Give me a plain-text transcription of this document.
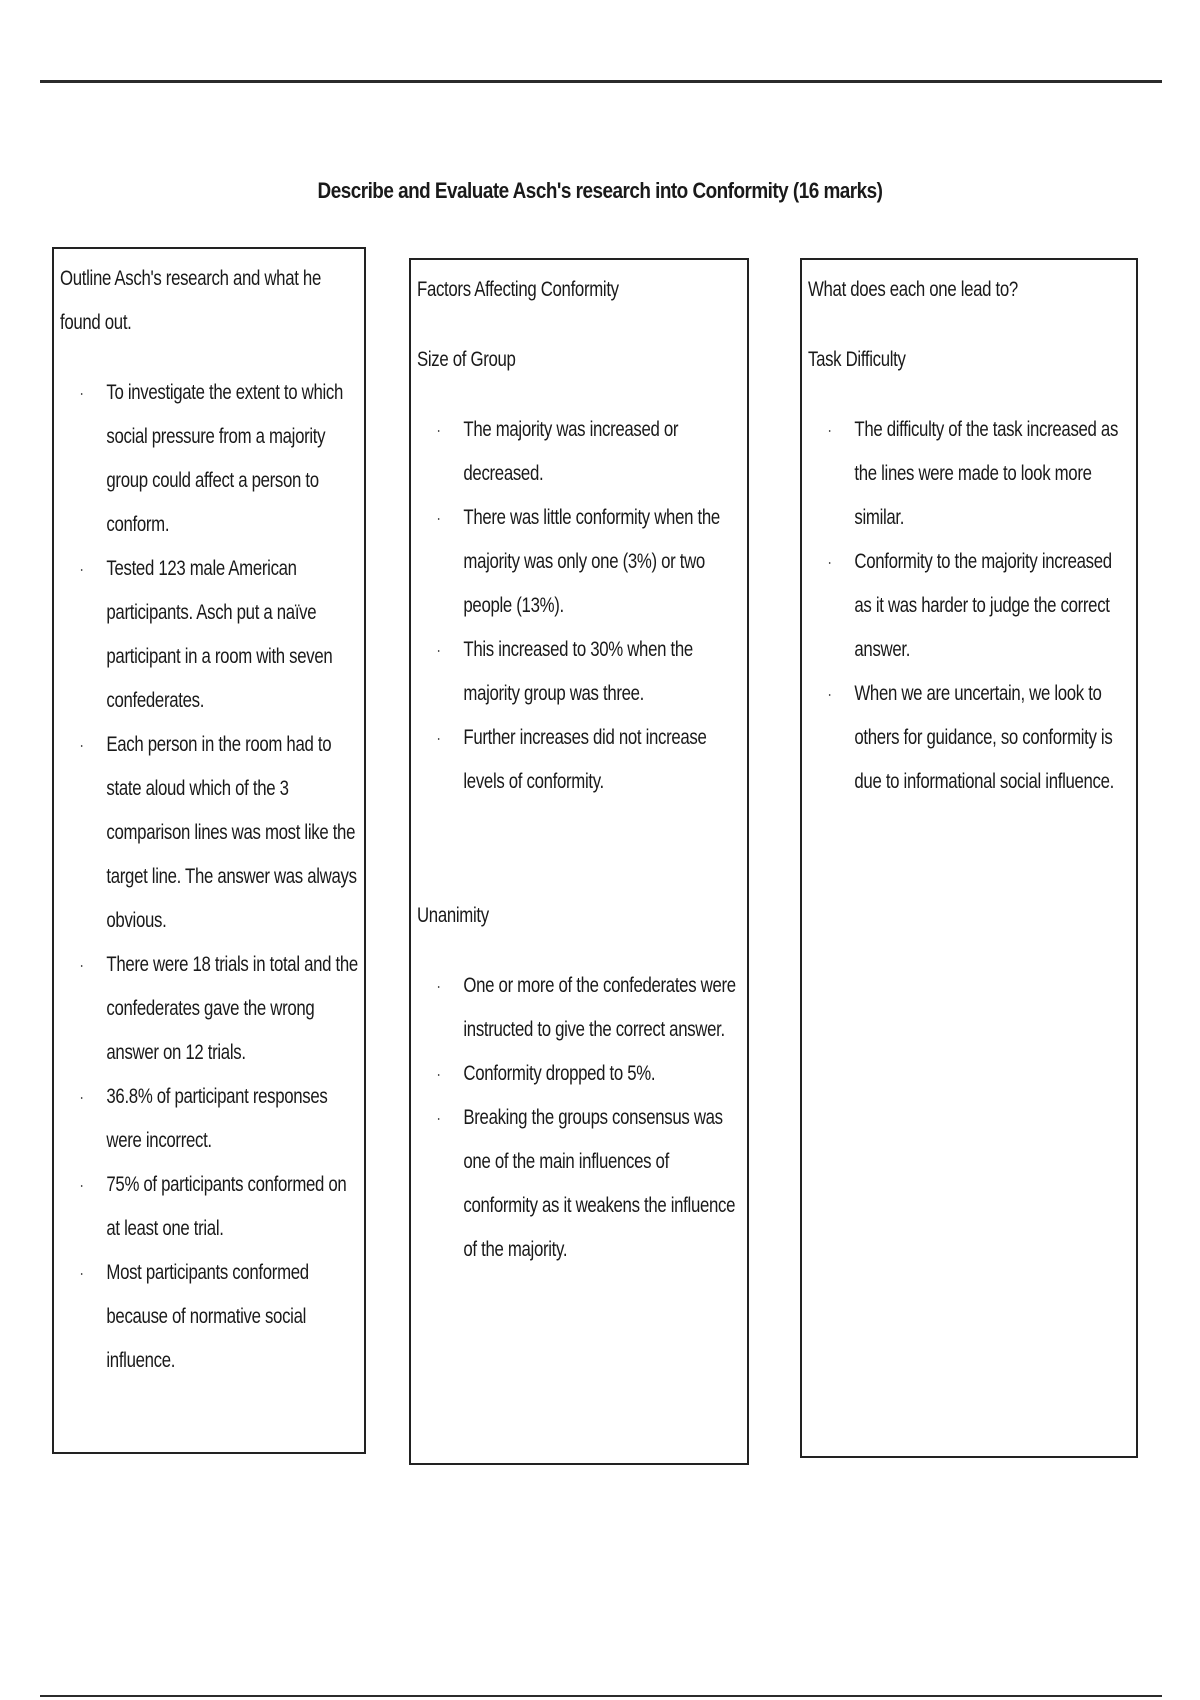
Describe and Evaluate Asch's research into Conformity (16 marks)
Outline Asch's research and what he found out.
· To investigate the extent to which social pressure from a majority group could affect a person to conform.
· Tested 123 male American participants. Asch put a naïve participant in a room with seven confederates.
· Each person in the room had to state aloud which of the 3 comparison lines was most like the target line. The answer was always obvious.
· There were 18 trials in total and the confederates gave the wrong answer on 12 trials.
· 36.8% of participant responses were incorrect.
· 75% of participants conformed on at least one trial.
· Most participants conformed because of normative social influence.
Factors Affecting Conformity
Size of Group
· The majority was increased or decreased.
· There was little conformity when the majority was only one (3%) or two people (13%).
· This increased to 30% when the majority group was three.
· Further increases did not increase levels of conformity.
Unanimity
· One or more of the confederates were instructed to give the correct answer.
· Conformity dropped to 5%.
· Breaking the groups consensus was one of the main influences of conformity as it weakens the influence of the majority.
What does each one lead to?
Task Difficulty
· The difficulty of the task increased as the lines were made to look more similar.
· Conformity to the majority increased as it was harder to judge the correct answer.
· When we are uncertain, we look to others for guidance, so conformity is due to informational social influence.
